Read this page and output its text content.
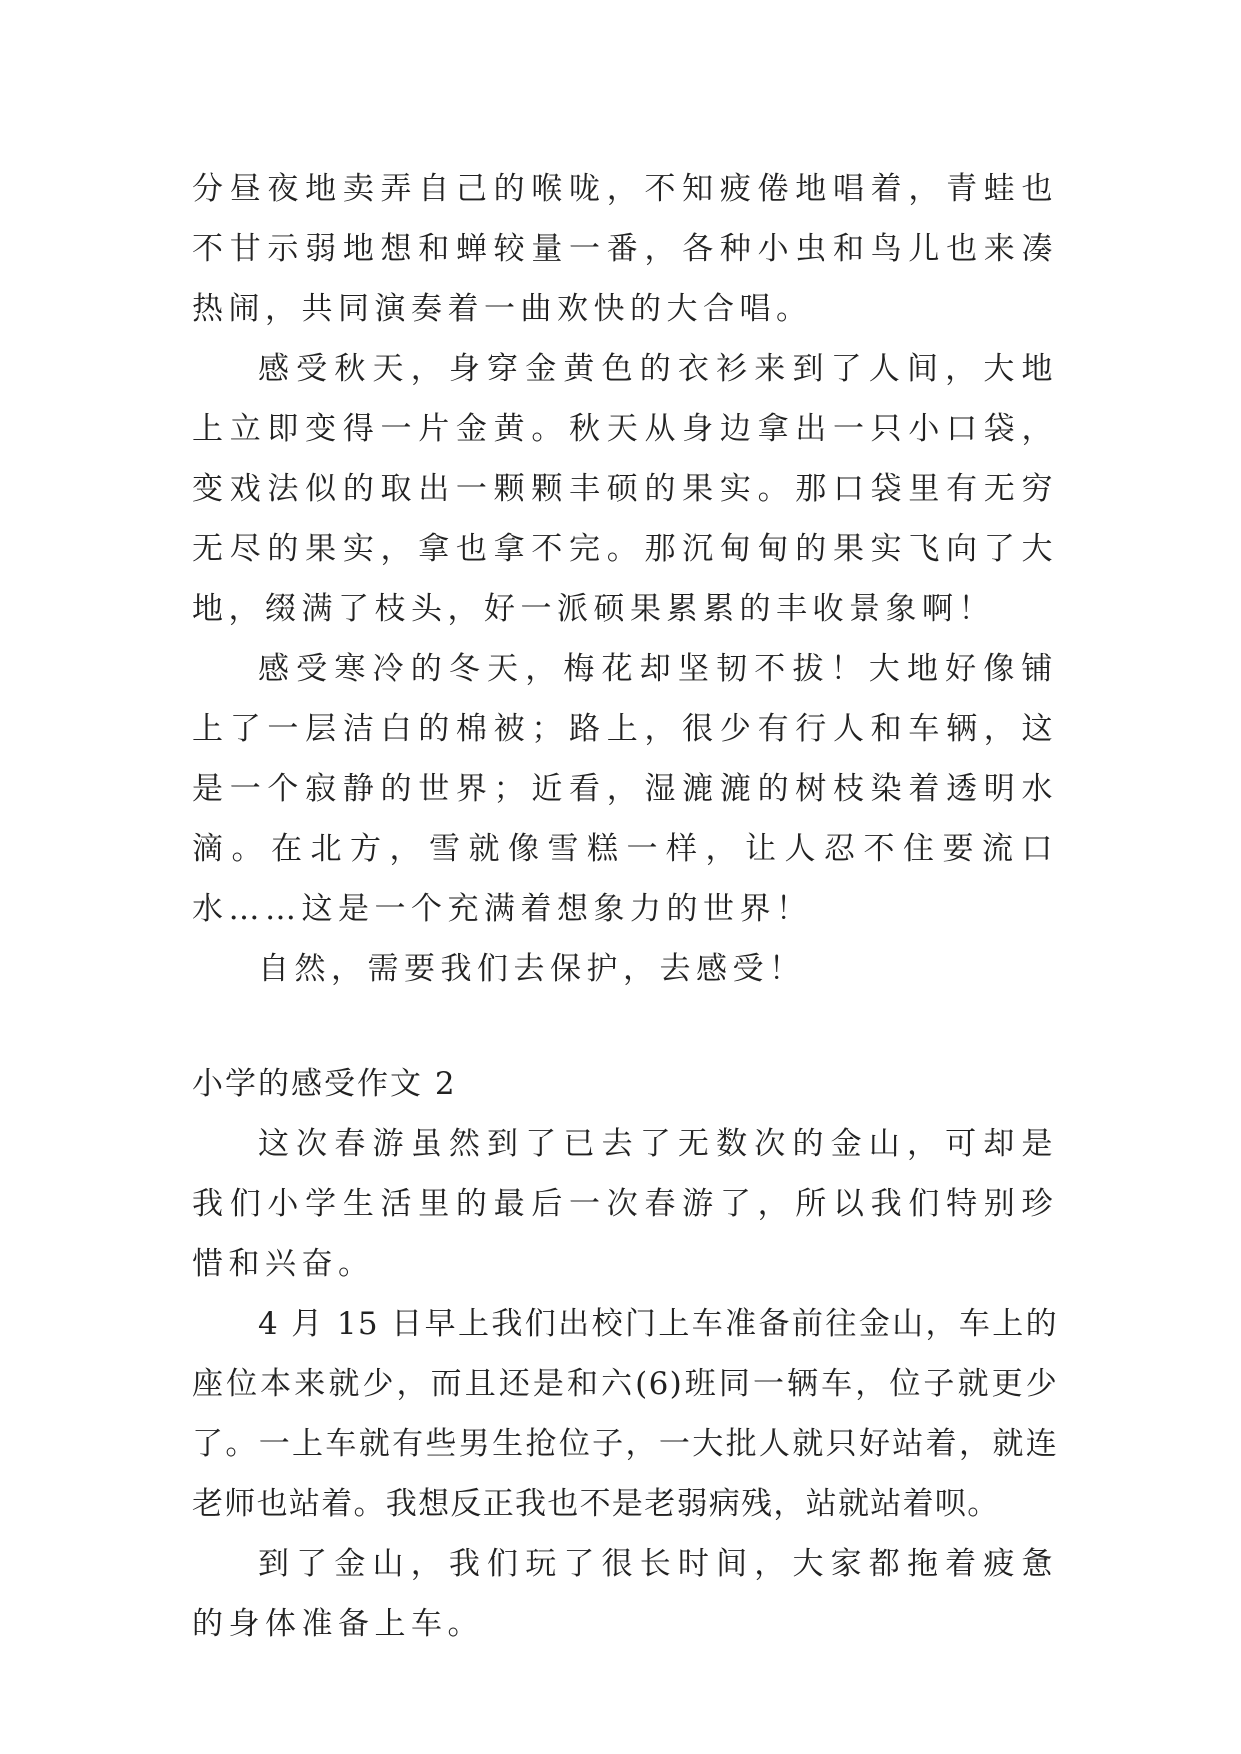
分昼夜地卖弄自己的喉咙，不知疲倦地唱着，青蛙也不甘示弱地想和蝉较量一番，各种小虫和鸟儿也来凑热闹，共同演奏着一曲欢快的大合唱。

感受秋天，身穿金黄色的衣衫来到了人间，大地上立即变得一片金黄。秋天从身边拿出一只小口袋，变戏法似的取出一颗颗丰硕的果实。那口袋里有无穷无尽的果实，拿也拿不完。那沉甸甸的果实飞向了大地，缀满了枝头，好一派硕果累累的丰收景象啊！

感受寒冷的冬天，梅花却坚韧不拔！大地好像铺上了一层洁白的棉被；路上，很少有行人和车辆，这是一个寂静的世界；近看，湿漉漉的树枝染着透明水滴。在北方，雪就像雪糕一样，让人忍不住要流口水……这是一个充满着想象力的世界！

自然，需要我们去保护，去感受！

小学的感受作文 2

这次春游虽然到了已去了无数次的金山，可却是我们小学生活里的最后一次春游了，所以我们特别珍惜和兴奋。

4 月 15 日早上我们出校门上车准备前往金山，车上的座位本来就少，而且还是和六(6)班同一辆车，位子就更少了。一上车就有些男生抢位子，一大批人就只好站着，就连老师也站着。我想反正我也不是老弱病残，站就站着呗。

到了金山，我们玩了很长时间，大家都拖着疲惫的身体准备上车。
